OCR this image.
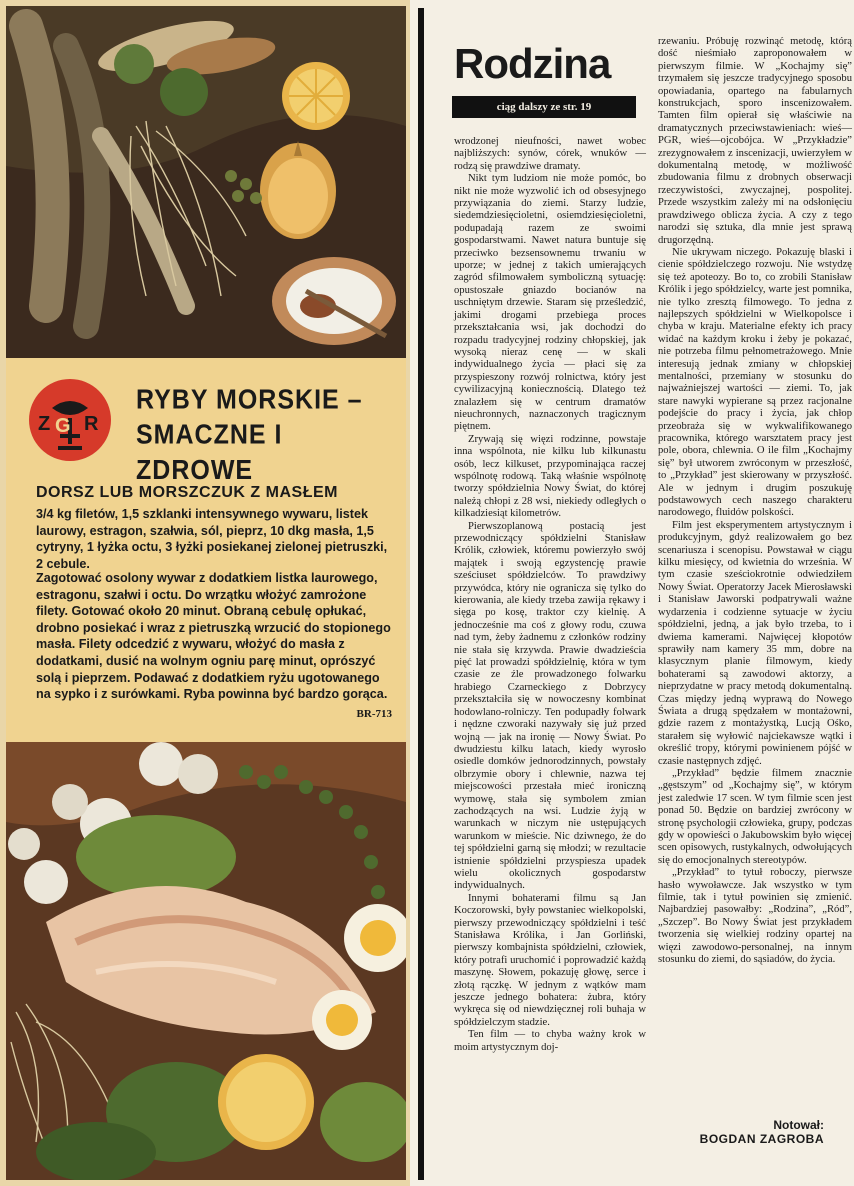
Z G R
RYBY MORSKIE –
SMACZNE I ZDROWE
DORSZ LUB MORSZCZUK Z MASŁEM

3/4 kg filetów, 1,5 szklanki intensywnego wywaru, listek laurowy, estragon, szałwia, sól, pieprz, 10 dkg masła, 1,5 cytryny, 1 łyżka octu, 3 łyżki posiekanej zielonej pietruszki, 2 cebule.

Zagotować osolony wywar z dodatkiem listka laurowego, estragonu, szałwi i octu. Do wrzątku włożyć zamrożone filety. Gotować około 20 minut. Obraną cebulę opłukać, drobno posiekać i wraz z pietruszką wrzucić do stopionego masła. Filety odcedzić z wywaru, włożyć do masła z dodatkami, dusić na wolnym ogniu parę minut, oprószyć solą i pieprzem. Podawać z dodatkiem ryżu ugotowanego na sypko i z surówkami. Ryba powinna być bardzo gorąca.

BR-713
Rodzina
ciąg dalszy ze str. 19

wrodzonej nieufności, nawet wobec najbliższych: synów, córek, wnuków — rodzą się prawdziwe dramaty.

Nikt tym ludziom nie może pomóc, bo nikt nie może wyzwolić ich od obsesyjnego przywiązania do ziemi. Starzy ludzie, siedemdziesięcioletni, osiemdziesięcioletni, podupadają razem ze swoimi gospodarstwami. Nawet natura buntuje się przeciwko bezsensownemu trwaniu w uporze; w jednej z takich umierających zagród sfilmowałem symboliczną sytuację: opustoszałe gniazdo bocianów na uschniętym drzewie. Staram się prześledzić, jakimi drogami przebiega proces przekształcania wsi, jak dochodzi do rozpadu tradycyjnej rodziny chłopskiej, jak wysoką nieraz cenę — w skali indywidualnego życia — płaci się za przyspieszony rozwój rolnictwa, który jest cywilizacyjną koniecznością. Dlatego też znalazłem się w centrum dramatów nieuchronnych, naznaczonych tragicznym piętnem.

Zrywają się więzi rodzinne, powstaje inna wspólnota, nie kilku lub kilkunastu osób, lecz kilkuset, przypominająca raczej wspólnotę rodową. Taką właśnie wspólnotę tworzy spółdzielnia Nowy Świat, do której należą chłopi z 28 wsi, niekiedy odległych o kilkadziesiąt kilometrów.

Pierwszoplanową postacią jest przewodniczący spółdzielni Stanisław Królik, człowiek, któremu powierzyło swój majątek i swoją egzystencję prawie sześciuset spółdzielców. To prawdziwy przywódca, który nie ogranicza się tylko do kierowania, ale kiedy trzeba zawija rękawy i sięga po kosę, traktor czy kielnię. A jednocześnie ma coś z głowy rodu, czuwa nad tym, żeby żadnemu z członków rodziny nie stała się krzywda. Prawie dwadzieścia pięć lat prowadzi spółdzielnię, która w tym czasie ze źle prowadzonego folwarku hrabiego Czarneckiego z Dobrzycy przekształciła się w nowoczesny kombinat hodowlano-rolniczy. Ten podupadły folwark i nędzne czworaki nazywały się już przed wojną — jak na ironię — Nowy Świat. Po dwudziestu kilku latach, kiedy wyrosło osiedle domków jednorodzinnych, powstały olbrzymie obory i chlewnie, nazwa tej miejscowości przestała mieć ironiczną wymowę, stała się symbolem zmian zachodzących na wsi. Ludzie żyją w warunkach w niczym nie ustępujących warunkom w mieście. Nic dziwnego, że do tej spółdzielni garną się młodzi; w rezultacie istnienie spółdzielni przyspiesza upadek wielu okolicznych gospodarstw indywidualnych.

Innymi bohaterami filmu są Jan Koczorowski, były powstaniec wielkopolski, pierwszy przewodniczący spółdzielni i teść Stanisława Królika, i Jan Gorliński, pierwszy kombajnista spółdzielni, człowiek, który potrafi uruchomić i poprowadzić każdą maszynę. Słowem, pokazuję głowę, serce i złotą rączkę. W jednym z wątków mam jeszcze jednego bohatera: żubra, który wykręca się od niewdzięcznej roli buhaja w spółdzielczym stadzie.

Ten film — to chyba ważny krok w moim artystycznym doj-

rzewaniu. Próbuję rozwinąć metodę, którą dość nieśmiało zaproponowałem w pierwszym filmie. W „Kochajmy się” trzymałem się jeszcze tradycyjnego sposobu opowiadania, opartego na fabularnych konstrukcjach, sporo inscenizowałem. Tamten film opierał się właściwie na dramatycznych przeciwstawieniach: wieś—PGR, wieś—ojcobójca. W „Przykładzie” zrezygnowałem z inscenizacji, uwierzyłem w dokumentalną metodę, w możliwość zbudowania filmu z drobnych obserwacji rzeczywistości, zwyczajnej, pospolitej. Przede wszystkim zależy mi na odsłonięciu prawdziwego oblicza życia. A czy z tego narodzi się sztuka, dla mnie jest sprawą drugorzędną.

Nie ukrywam niczego. Pokazuję blaski i cienie spółdzielczego rozwoju. Nie wstydzę się też apoteozy. Bo to, co zrobili Stanisław Królik i jego spółdzielcy, warte jest pomnika, nie tylko zresztą filmowego. To jedna z najlepszych spółdzielni w Wielkopolsce i chyba w kraju. Materialne efekty ich pracy widać na każdym kroku i żeby je pokazać, nie potrzeba filmu pełnometrażowego. Mnie interesują jednak zmiany w chłopskiej mentalności, przemiany w stosunku do najważniejszej wartości — ziemi. To, jak stare nawyki wypierane są przez racjonalne podejście do pracy i życia, jak chłop przeobraża się w wykwalifikowanego pracownika, którego warsztatem pracy jest pole, obora, chlewnia. O ile film „Kochajmy się” był utworem zwróconym w przeszłość, to „Przykład” jest skierowany w przyszłość. Ale w jednym i drugim poszukuję podstawowych cech naszego charakteru narodowego, fluidów polskości.

Film jest eksperymentem artystycznym i produkcyjnym, gdyż realizowałem go bez scenariusza i scenopisu. Powstawał w ciągu kilku miesięcy, od kwietnia do września. W tym czasie sześciokrotnie odwiedziłem Nowy Świat. Operatorzy Jacek Mierosławski i Stanisław Jaworski podpatrywali ważne wydarzenia i codzienne sytuacje w życiu spółdzielni, jedną, a jak było trzeba, to i dwiema kamerami. Najwięcej kłopotów sprawiły nam kamery 35 mm, dobre na klasycznym planie filmowym, kiedy bohaterami są zawodowi aktorzy, a nieprzydatne w pracy metodą dokumentalną. Czas między jedną wyprawą do Nowego Świata a drugą spędzałem w montażowni, gdzie razem z montażystką, Lucją Ośko, starałem się wyłowić najciekawsze wątki i określić tropy, którymi powinienem pójść w czasie następnych zdjęć.

„Przykład” będzie filmem znacznie „gęstszym” od „Kochajmy się”, w którym jest zaledwie 17 scen. W tym filmie scen jest ponad 50. Będzie on bardziej zwrócony w stronę psychologii człowieka, grupy, podczas gdy w opowieści o Jakubowskim było więcej scen opisowych, rustykalnych, odwołujących się do emocjonalnych stereotypów.

„Przykład” to tytuł roboczy, pierwsze hasło wywoławcze. Jak wszystko w tym filmie, tak i tytuł powinien się zmienić. Najbardziej pasowałby: „Rodzina”, „Ród”, „Szczep”. Bo Nowy Świat jest przykładem tworzenia się wielkiej rodziny opartej na więzi zawodowo-personalnej, na innym stosunku do ziemi, do sąsiadów, do życia.

Notował:
BOGDAN ZAGROBA
